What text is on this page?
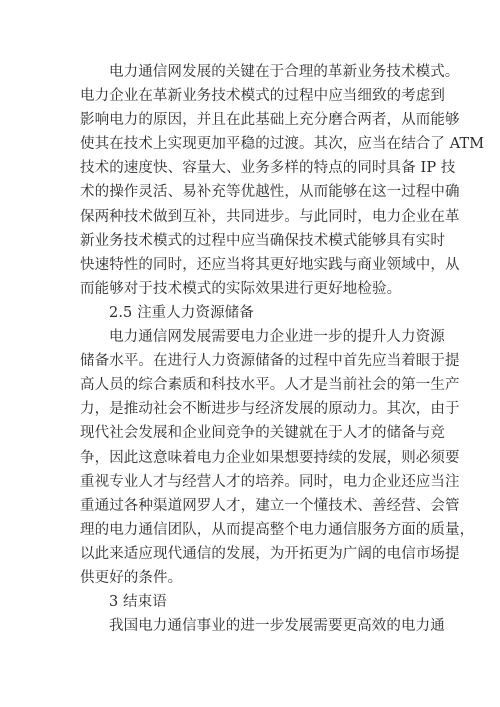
电力通信网发展的关键在于合理的革新业务技术模式。
电力企业在革新业务技术模式的过程中应当细致的考虑到
影响电力的原因，并且在此基础上充分磨合两者，从而能够
使其在技术上实现更加平稳的过渡。其次，应当在结合了 ATM
技术的速度快、容量大、业务多样的特点的同时具备 IP 技
术的操作灵活、易补充等优越性，从而能够在这一过程中确
保两种技术做到互补，共同进步。与此同时，电力企业在革
新业务技术模式的过程中应当确保技术模式能够具有实时
快速特性的同时，还应当将其更好地实践与商业领域中，从
而能够对于技术模式的实际效果进行更好地检验。
2.5 注重人力资源储备
电力通信网发展需要电力企业进一步的提升人力资源
储备水平。在进行人力资源储备的过程中首先应当着眼于提
高人员的综合素质和科技水平。人才是当前社会的第一生产
力，是推动社会不断进步与经济发展的原动力。其次，由于
现代社会发展和企业间竞争的关键就在于人才的储备与竞
争，因此这意味着电力企业如果想要持续的发展，则必须要
重视专业人才与经营人才的培养。同时，电力企业还应当注
重通过各种渠道网罗人才，建立一个懂技术、善经营、会管
理的电力通信团队，从而提高整个电力通信服务方面的质量，
以此来适应现代通信的发展，为开拓更为广阔的电信市场提
供更好的条件。
3 结束语
我国电力通信事业的进一步发展需要更高效的电力通
